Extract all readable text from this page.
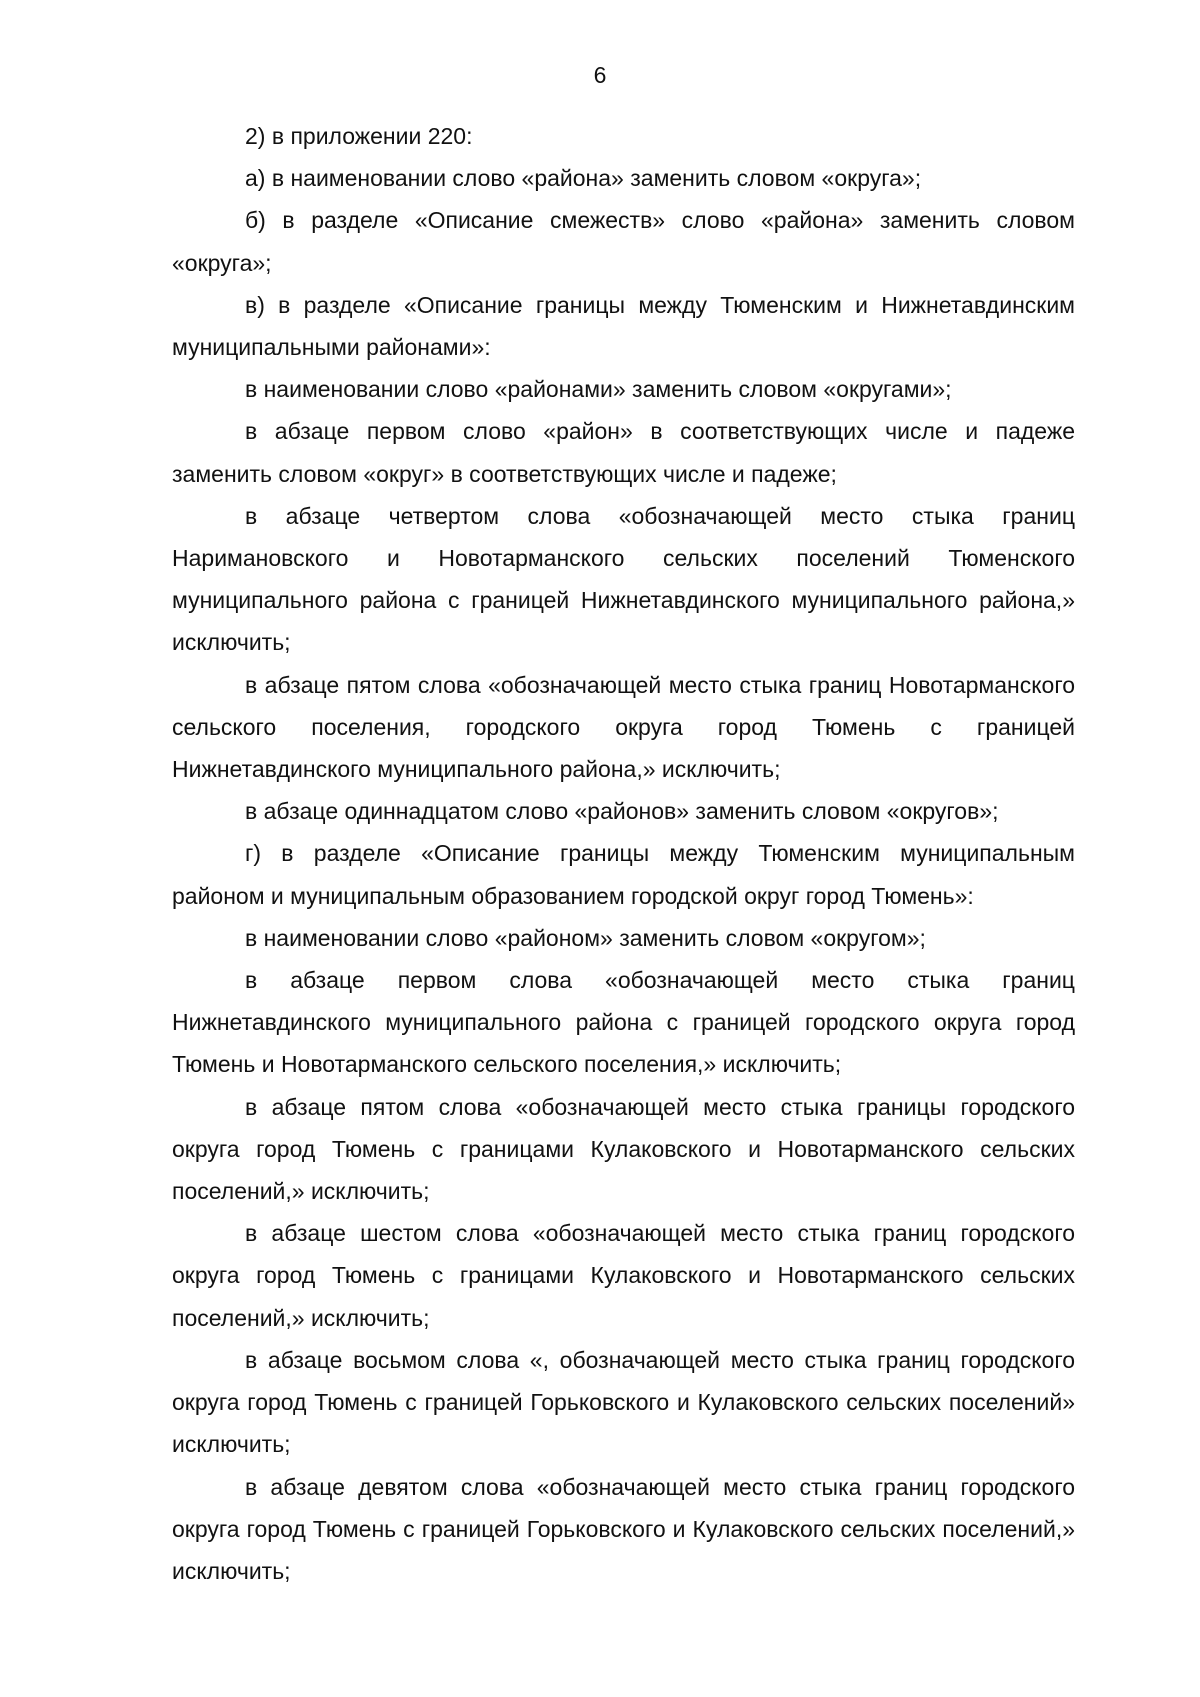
6

2) в приложении 220:

а) в наименовании слово «района» заменить словом «округа»;

б) в разделе «Описание смежеств» слово «района» заменить словом «округа»;

в) в разделе «Описание границы между Тюменским и Нижнетавдинским муниципальными районами»:

в наименовании слово «районами» заменить словом «округами»;

в абзаце первом слово «район» в соответствующих числе и падеже заменить словом «округ» в соответствующих числе и падеже;

в абзаце четвертом слова «обозначающей место стыка границ Наримановского и Новотарманского сельских поселений Тюменского муниципального района с границей Нижнетавдинского муниципального района,» исключить;

в абзаце пятом слова «обозначающей место стыка границ Новотарманского сельского поселения, городского округа город Тюмень с границей Нижнетавдинского муниципального района,» исключить;

в абзаце одиннадцатом слово «районов» заменить словом «округов»;

г) в разделе «Описание границы между Тюменским муниципальным районом и муниципальным образованием городской округ город Тюмень»:

в наименовании слово «районом» заменить словом «округом»;

в абзаце первом слова «обозначающей место стыка границ Нижнетавдинского муниципального района с границей городского округа город Тюмень и Новотарманского сельского поселения,» исключить;

в абзаце пятом слова «обозначающей место стыка границы городского округа город Тюмень с границами Кулаковского и Новотарманского сельских поселений,» исключить;

в абзаце шестом слова «обозначающей место стыка границ городского округа город Тюмень с границами Кулаковского и Новотарманского сельских поселений,» исключить;

в абзаце восьмом слова «, обозначающей место стыка границ городского округа город Тюмень с границей Горьковского и Кулаковского сельских поселений» исключить;

в абзаце девятом слова «обозначающей место стыка границ городского округа город Тюмень с границей Горьковского и Кулаковского сельских поселений,» исключить;
